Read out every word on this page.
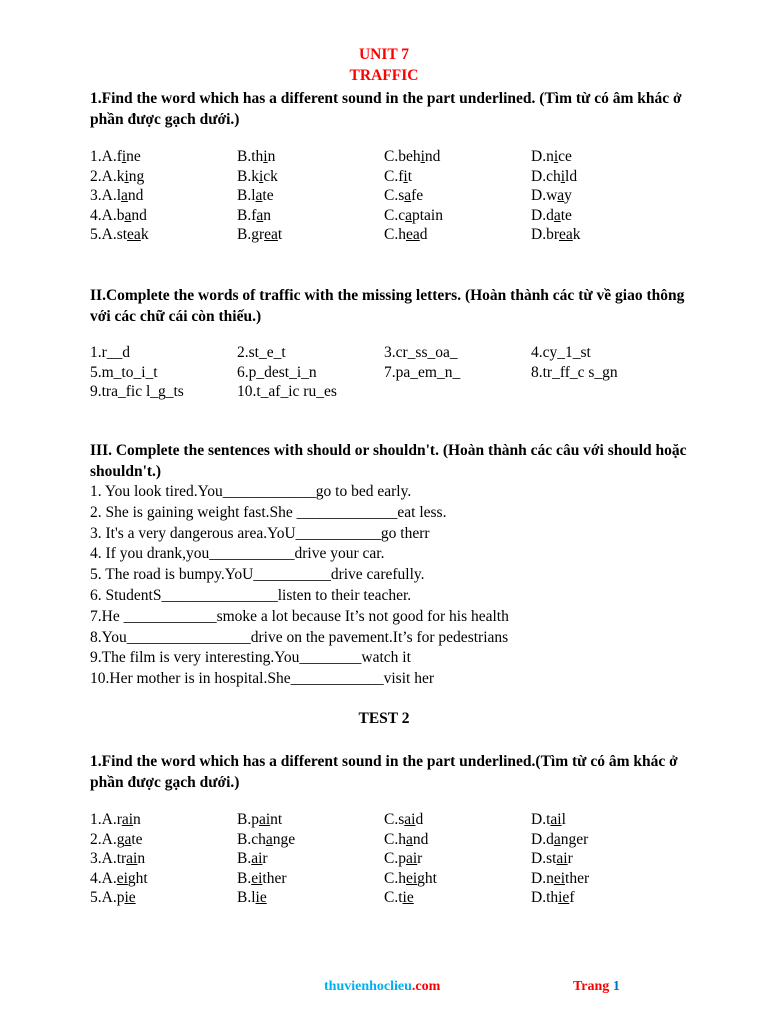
UNIT 7
TRAFFIC
1.Find the word which has a different sound in the part underlined. (Tìm từ có âm khác ở phần được gạch dưới.)
1.A.fine	B.thin	C.behind	D.nice
2.A.king	B.kick	C.fit	D.child
3.A.land	B.late	C.safe	D.way
4.A.band	B.fan	C.captain	D.date
5.A.steak	B.great	C.head	D.break
II.Complete the words of traffic with the missing letters. (Hoàn thành các từ về giao thông với các chữ cái còn thiếu.)
1.r__d	2.st_e_t	3.cr_ss_oa_	4.cy_1_st
5.m_to_i_t	6.p_dest_i_n	7.pa_em_n_	8.tr_ff_c s_gn
9.tra_fic l_g_ts	10.t_af_ic ru_es
III. Complete the sentences with should or shouldn't. (Hoàn thành các câu với should hoặc shouldn't.)
1. You look tired.You____________go to bed early.
2. She is gaining weight fast.She _____________eat less.
3. It's a very dangerous area.YoU___________go therr
4. If you drank,you___________drive your car.
5. The road is bumpy.YoU__________drive carefully.
6. StudentS_______________listen to their teacher.
7.He ____________smoke a lot because It’s not good for his health
8.You________________drive on the pavement.It’s for pedestrians
9.The film is very interesting.You________watch it
10.Her mother is in hospital.She____________visit her
TEST 2
1.Find the word which has a different sound in the part underlined.(Tìm từ có âm khác ở phần được gạch dưới.)
1.A.rain	B.paint	C.said	D.tail
2.A.gate	B.change	C.hand	D.danger
3.A.train	B.air	C.pair	D.stair
4.A.eight	B.either	C.height	D.neither
5.A.pie	B.lie	C.tie	D.thief
thuvienhoclieu.com	Trang 1
